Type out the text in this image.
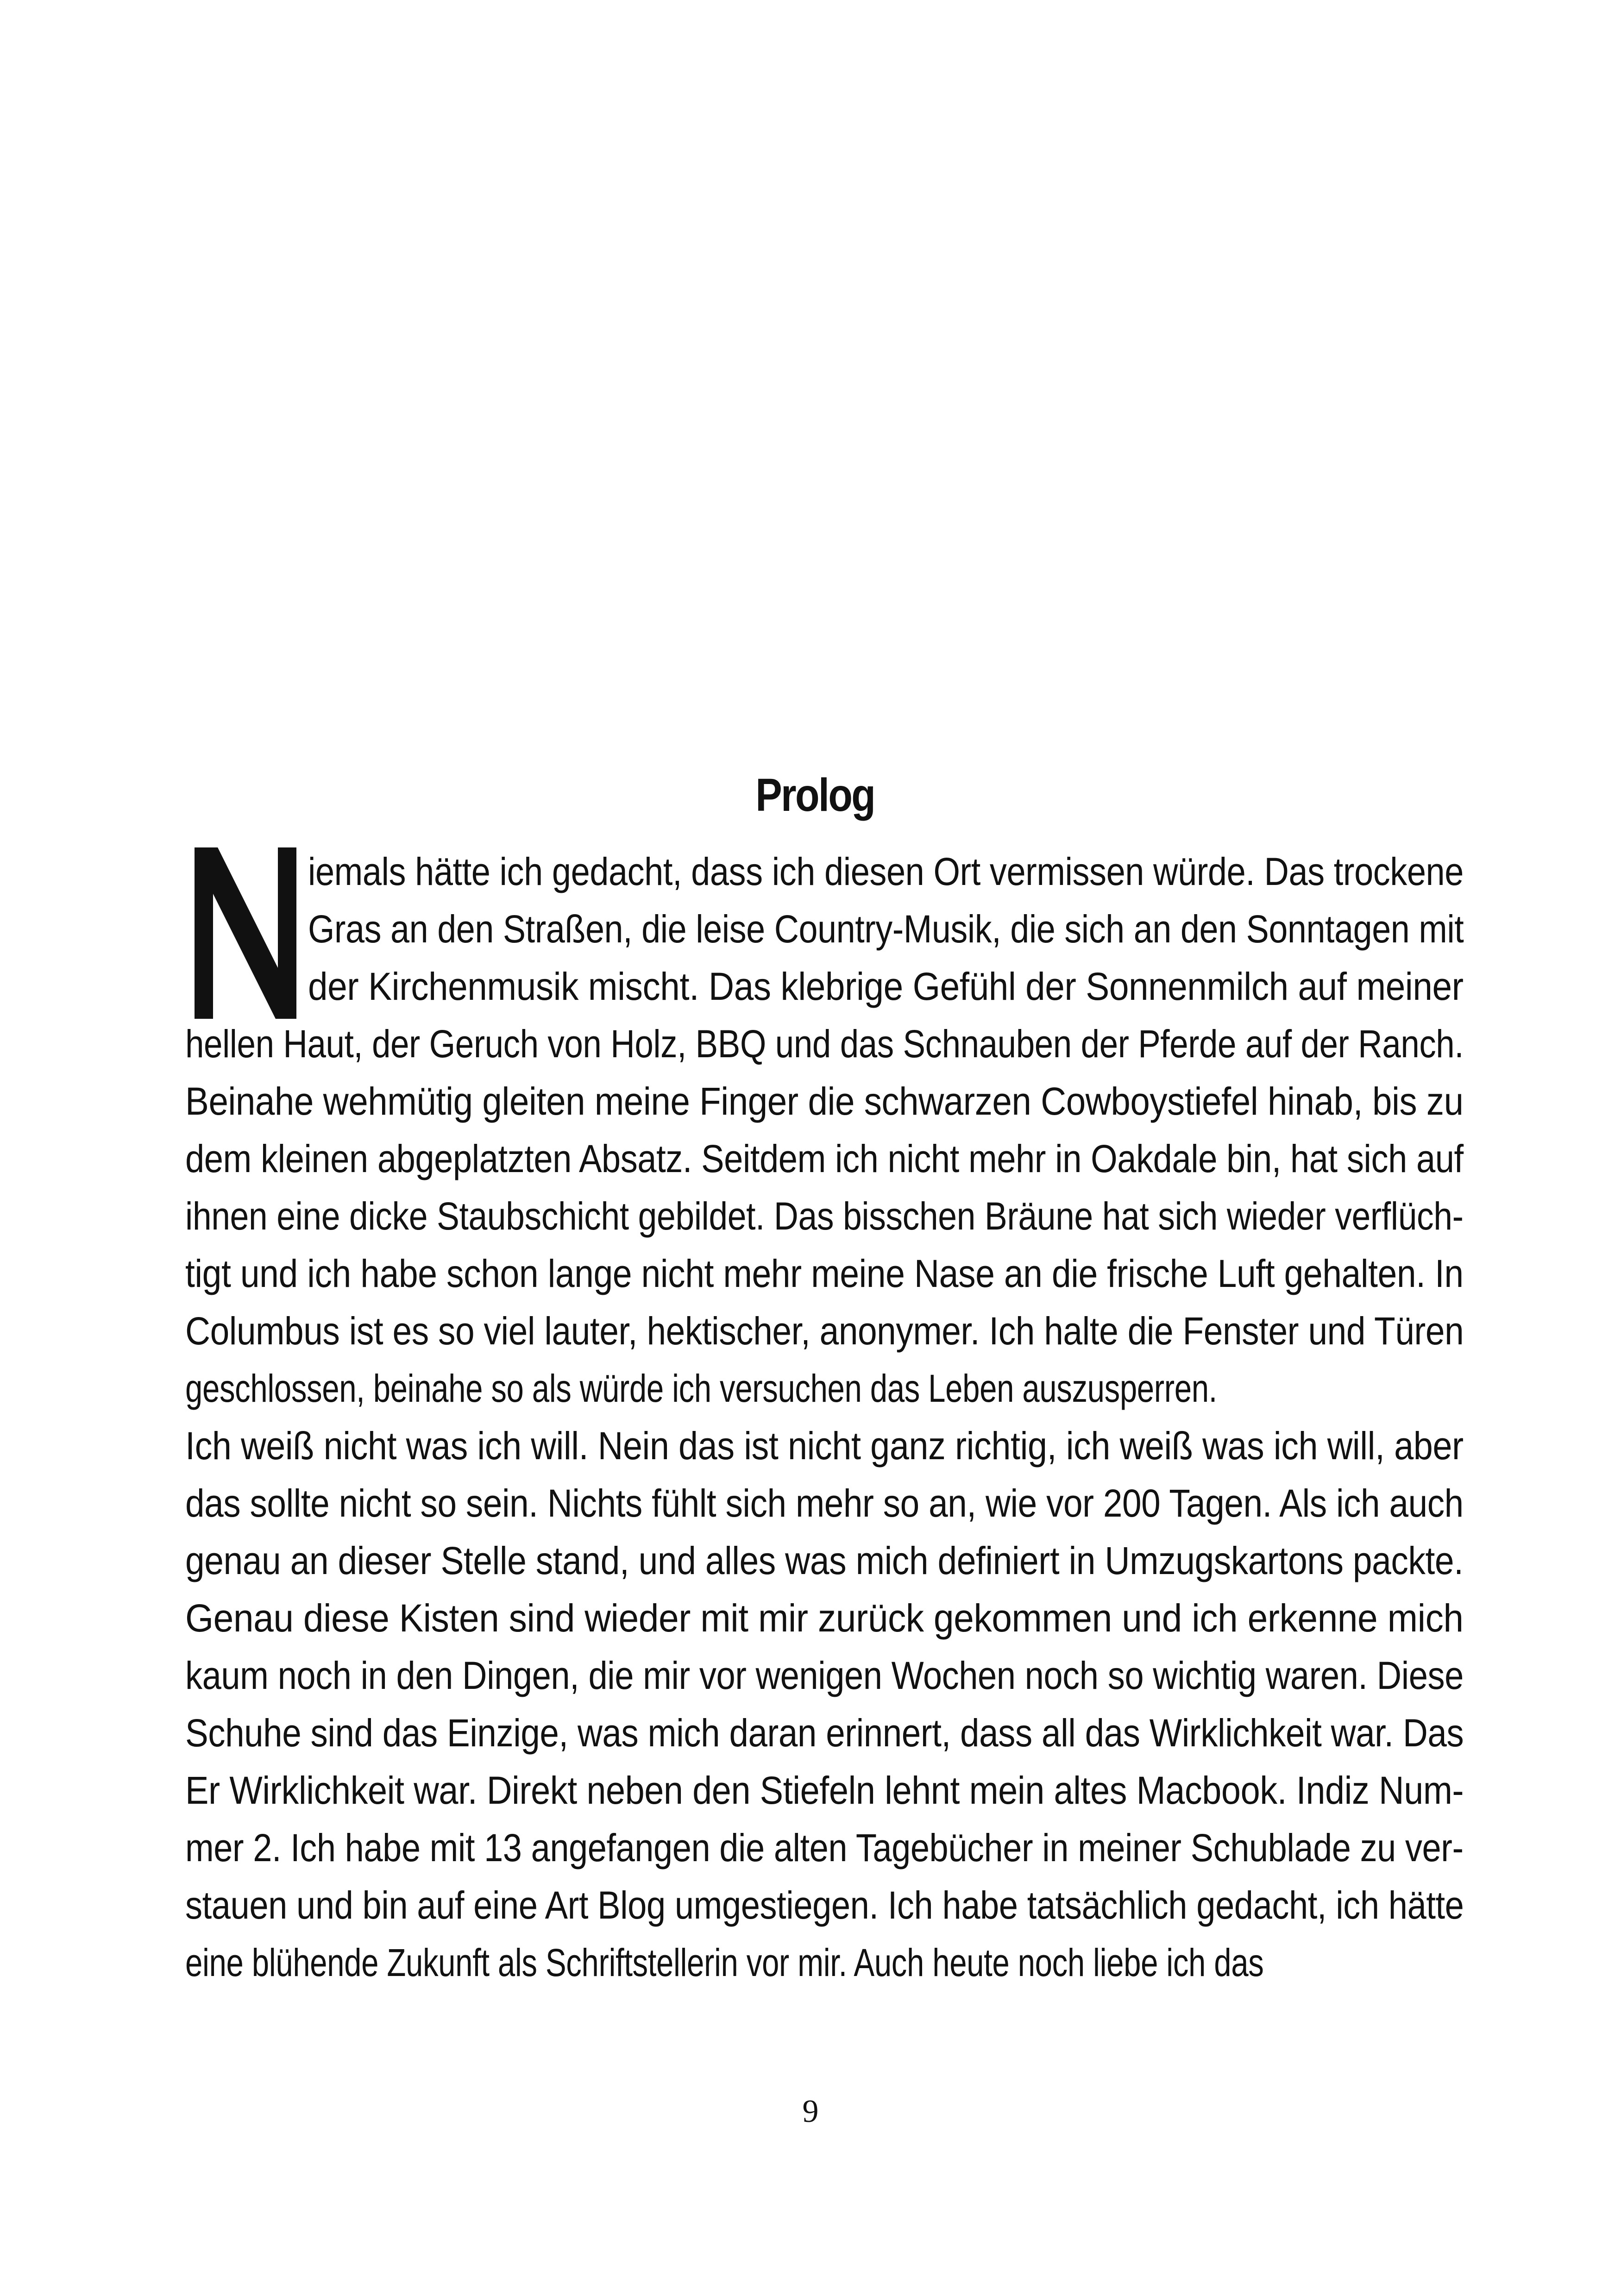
Prolog
iemals hätte ich gedacht, dass ich diesen Ort vermissen würde. Das trockene
Gras an den Straßen, die leise Country-Musik, die sich an den Sonntagen mit
der Kirchenmusik mischt. Das klebrige Gefühl der Sonnenmilch auf meiner
hellen Haut, der Geruch von Holz, BBQ und das Schnauben der Pferde auf der Ranch.
Beinahe wehmütig gleiten meine Finger die schwarzen Cowboystiefel hinab, bis zu
dem kleinen abgeplatzten Absatz. Seitdem ich nicht mehr in Oakdale bin, hat sich auf
ihnen eine dicke Staubschicht gebildet. Das bisschen Bräune hat sich wieder verflüch-
tigt und ich habe schon lange nicht mehr meine Nase an die frische Luft gehalten. In
Columbus ist es so viel lauter, hektischer, anonymer. Ich halte die Fenster und Türen
geschlossen, beinahe so als würde ich versuchen das Leben auszusperren.
Ich weiß nicht was ich will. Nein das ist nicht ganz richtig, ich weiß was ich will, aber
das sollte nicht so sein. Nichts fühlt sich mehr so an, wie vor 200 Tagen. Als ich auch
genau an dieser Stelle stand, und alles was mich definiert in Umzugskartons packte.
Genau diese Kisten sind wieder mit mir zurück gekommen und ich erkenne mich
kaum noch in den Dingen, die mir vor wenigen Wochen noch so wichtig waren. Diese
Schuhe sind das Einzige, was mich daran erinnert, dass all das Wirklichkeit war. Das
Er Wirklichkeit war. Direkt neben den Stiefeln lehnt mein altes Macbook. Indiz Num-
mer 2. Ich habe mit 13 angefangen die alten Tagebücher in meiner Schublade zu ver-
stauen und bin auf eine Art Blog umgestiegen. Ich habe tatsächlich gedacht, ich hätte
eine blühende Zukunft als Schriftstellerin vor mir. Auch heute noch liebe ich das

9
